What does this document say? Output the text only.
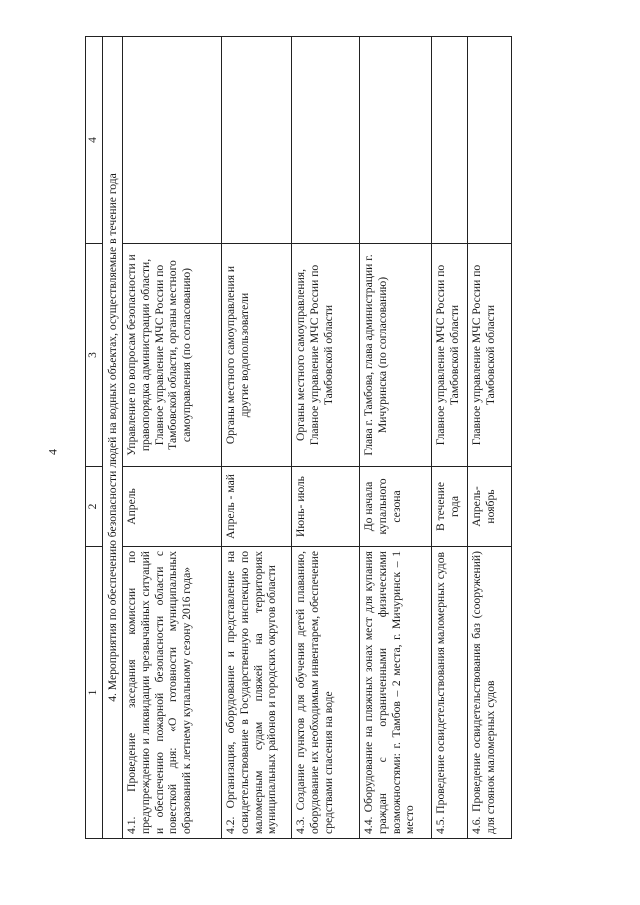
4
1	2	3	4
4. Мероприятия по обеспечению безопасности людей на водных объектах, осуществляемые в течение года			
4.1. Проведение заседания комиссии по предупреждению и ликвидации чрезвычайных ситуаций и обеспечению пожарной безопасности области с повесткой дня: «О готовности муниципальных образований к летнему купальному сезону 2016 года»	Апрель	Управление по вопросам безопасности и правопорядка администрации области, Главное управление МЧС России по Тамбовской области, органы местного самоуправления (по согласованию)	
4.2. Организация, оборудование и представление на освидетельствование в Государственную инспекцию по маломерным судам пляжей на территориях муниципальных районов и городских округов области	Апрель - май	Органы местного самоуправления и другие водопользователи	
4.3. Создание пунктов для обучения детей плаванию, оборудование их необходимым инвентарем, обеспечение средствами спасения на воде	Июнь- июль	Органы местного самоуправления, Главное управление МЧС России по Тамбовской области	
4.4. Оборудование на пляжных зонах мест для купания граждан с ограниченными физическими возможностями: г. Тамбов – 2 места, г. Мичуринск – 1 место	До начала купального сезона	Глава г. Тамбова, глава администрации г. Мичуринска (по согласованию)	
4.5. Проведение освидетельствования маломерных судов	В течение года	Главное управление МЧС России по Тамбовской области	
4.6. Проведение освидетельствования баз (сооружений) для стоянок маломерных судов	Апрель- ноябрь	Главное управление МЧС России по Тамбовской области	
